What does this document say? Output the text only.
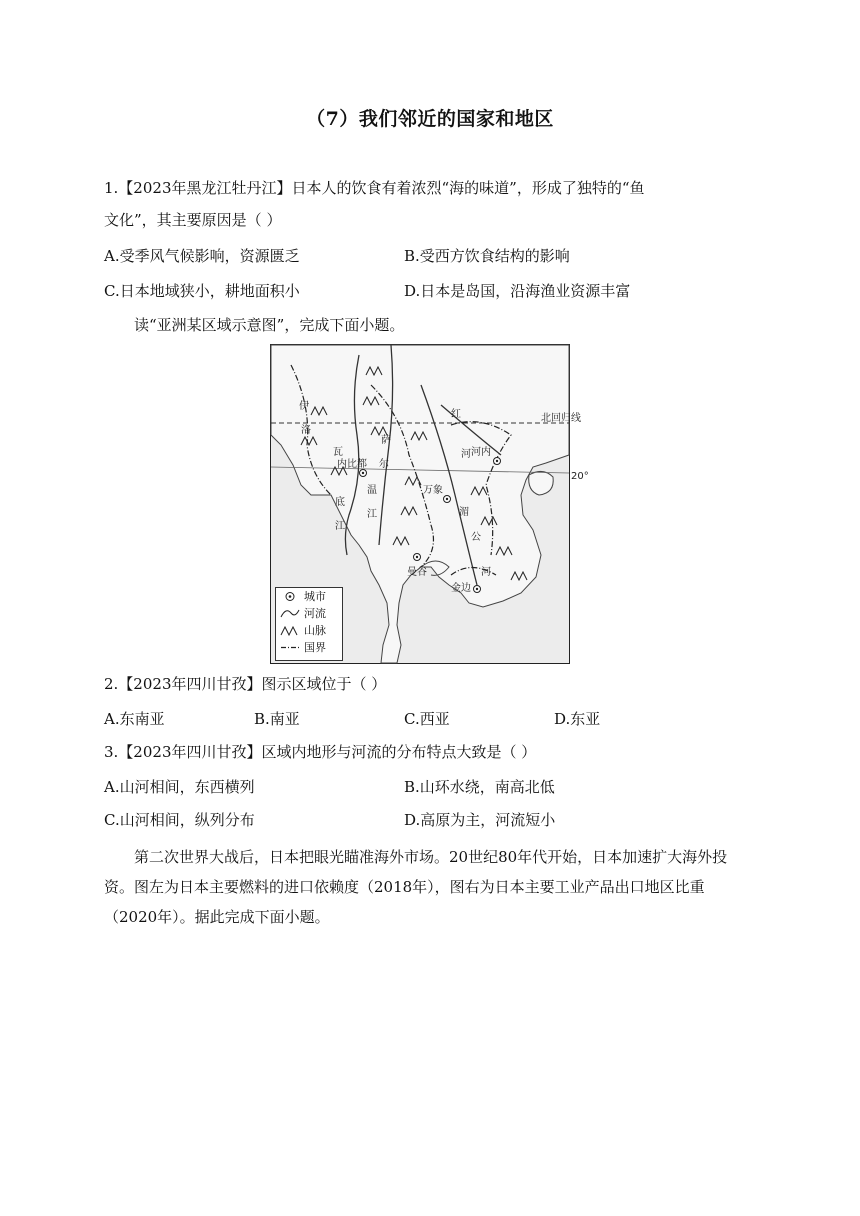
（7）我们邻近的国家和地区
1.【2023年黑龙江牡丹江】日本人的饮食有着浓烈“海的味道”，形成了独特的“鱼
文化”，其主要原因是（ ）
A.受季风气候影响，资源匮乏	B.受西方饮食结构的影响
C.日本地域狭小，耕地面积小	D.日本是岛国，沿海渔业资源丰富
读“亚洲某区域示意图”，完成下面小题。
北回归线
20°
伊
洛
瓦
底
江
萨
尔
温
江
红
河
湄
公
河
内比都
河内
万象
曼谷
金边
城市
河流
山脉
国界
2.【2023年四川甘孜】图示区域位于（ ）
A.东南亚	B.南亚	C.西亚	D.东亚
3.【2023年四川甘孜】区域内地形与河流的分布特点大致是（ ）
A.山河相间，东西横列	B.山环水绕，南高北低
C.山河相间，纵列分布	D.高原为主，河流短小
第二次世界大战后，日本把眼光瞄准海外市场。20世纪80年代开始，日本加速扩大海外投资。图左为日本主要燃料的进口依赖度（2018年），图右为日本主要工业产品出口地区比重（2020年）。据此完成下面小题。
